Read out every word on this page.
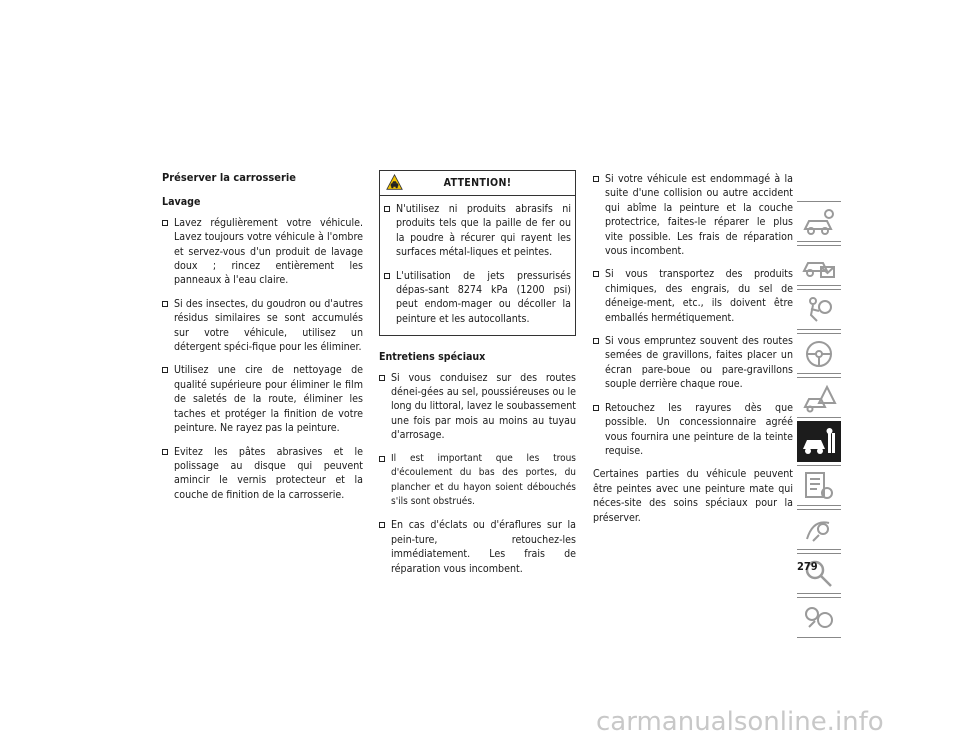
Préserver la carrosserie
Lavage
Lavez régulièrement votre véhicule. Lavez toujours votre véhicule à l'ombre et servez-vous d'un produit de lavage doux ; rincez entièrement les panneaux à l'eau claire.
Si des insectes, du goudron ou d'autres résidus similaires se sont accumulés sur votre véhicule, utilisez un détergent spéci-fique pour les éliminer.
Utilisez une cire de nettoyage de qualité supérieure pour éliminer le film de saletés de la route, éliminer les taches et protéger la finition de votre peinture. Ne rayez pas la peinture.
Evitez les pâtes abrasives et le polissage au disque qui peuvent amincir le vernis protecteur et la couche de finition de la carrosserie.
ATTENTION!
N'utilisez ni produits abrasifs ni produits tels que la paille de fer ou la poudre à récurer qui rayent les surfaces métal-liques et peintes.
L'utilisation de jets pressurisés dépas-sant 8274 kPa (1200 psi) peut endom-mager ou décoller la peinture et les autocollants.
Entretiens spéciaux
Si vous conduisez sur des routes dénei-gées au sel, poussiéreuses ou le long du littoral, lavez le soubassement une fois par mois au moins au tuyau d'arrosage.
Il est important que les trous d'écoulement du bas des portes, du plancher et du hayon soient débouchés s'ils sont obstrués.
En cas d'éclats ou d'éraflures sur la pein-ture, retouchez-les immédiatement. Les frais de réparation vous incombent.
Si votre véhicule est endommagé à la suite d'une collision ou autre accident qui abîme la peinture et la couche protectrice, faites-le réparer le plus vite possible. Les frais de réparation vous incombent.
Si vous transportez des produits chimiques, des engrais, du sel de déneige-ment, etc., ils doivent être emballés hermétiquement.
Si vous empruntez souvent des routes semées de gravillons, faites placer un écran pare-boue ou pare-gravillons souple derrière chaque roue.
Retouchez les rayures dès que possible. Un concessionnaire agréé vous fournira une peinture de la teinte requise.

Certaines parties du véhicule peuvent être peintes avec une peinture mate qui néces-site des soins spéciaux pour la préserver.

279
carmanualsonline.info
